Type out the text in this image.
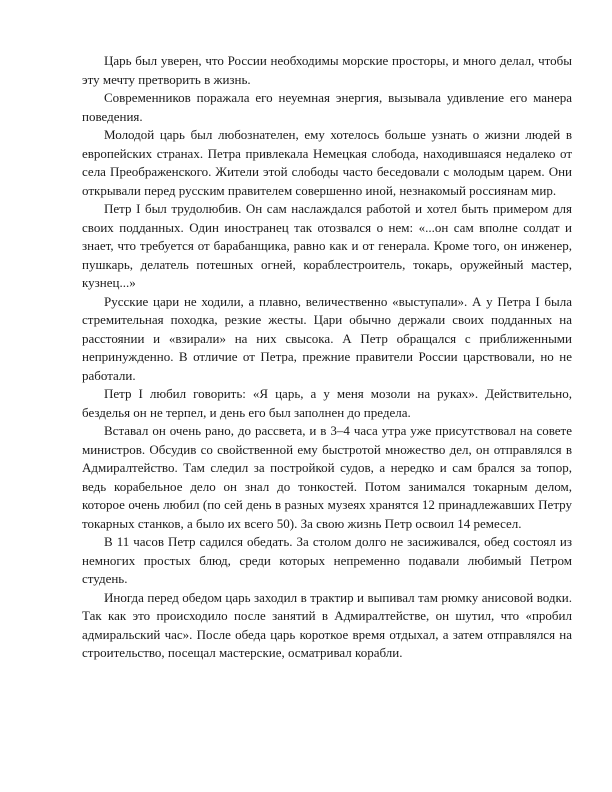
Царь был уверен, что России необходимы морские просторы, и много делал, чтобы эту мечту претворить в жизнь.

Современников поражала его неуемная энергия, вызывала удивление его манера поведения.

Молодой царь был любознателен, ему хотелось больше узнать о жизни людей в европейских странах. Петра привлекала Немецкая слобода, находившаяся недалеко от села Преображенского. Жители этой слободы часто беседовали с молодым царем. Они открывали перед русским правителем совершенно иной, незнакомый россиянам мир.

Петр I был трудолюбив. Он сам наслаждался работой и хотел быть примером для своих подданных. Один иностранец так отозвался о нем: «...он сам вполне солдат и знает, что требуется от барабанщика, равно как и от генерала. Кроме того, он инженер, пушкарь, делатель потешных огней, кораблестроитель, токарь, оружейный мастер, кузнец...»

Русские цари не ходили, а плавно, величественно «выступали». А у Петра I была стремительная походка, резкие жесты. Цари обычно держали своих подданных на расстоянии и «взирали» на них свысока. А Петр обращался с приближенными непринужденно. В отличие от Петра, прежние правители России царствовали, но не работали.

Петр I любил говорить: «Я царь, а у меня мозоли на руках». Действительно, безделья он не терпел, и день его был заполнен до предела.

Вставал он очень рано, до рассвета, и в 3–4 часа утра уже присутствовал на совете министров. Обсудив со свойственной ему быстротой множество дел, он отправлялся в Адмиралтейство. Там следил за постройкой судов, а нередко и сам брался за топор, ведь корабельное дело он знал до тонкостей. Потом занимался токарным делом, которое очень любил (по сей день в разных музеях хранятся 12 принадлежавших Петру токарных станков, а было их всего 50). За свою жизнь Петр освоил 14 ремесел.

В 11 часов Петр садился обедать. За столом долго не засиживался, обед состоял из немногих простых блюд, среди которых непременно подавали любимый Петром студень.

Иногда перед обедом царь заходил в трактир и выпивал там рюмку анисовой водки. Так как это происходило после занятий в Адмиралтействе, он шутил, что «пробил адмиральский час». После обеда царь короткое время отдыхал, а затем отправлялся на строительство, посещал мастерские, осматривал корабли.
